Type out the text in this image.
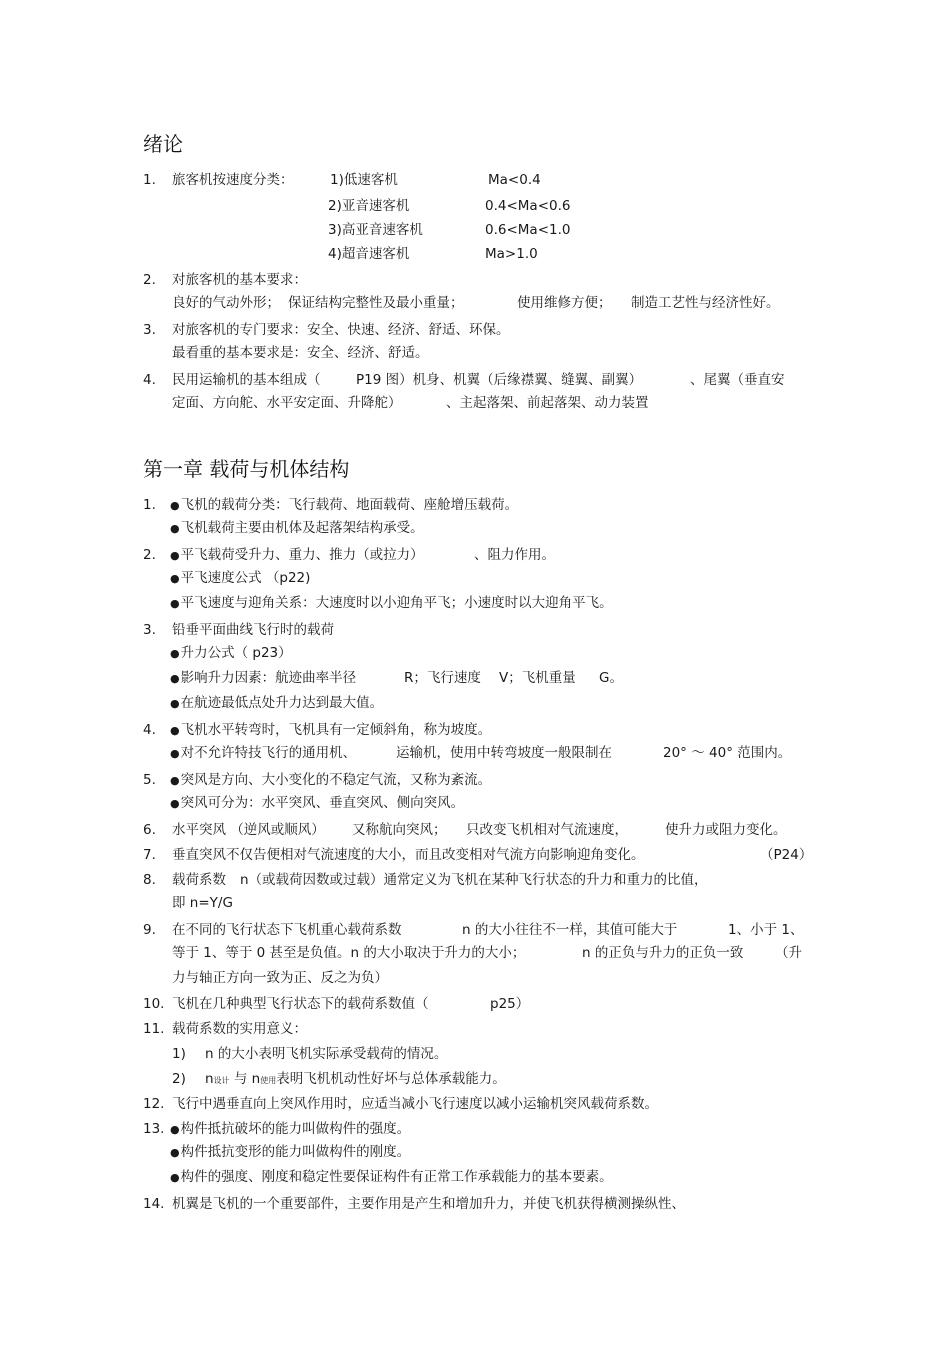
绪论
1. 旅客机按速度分类：	1)低速客机	Ma<0.4
2)亚音速客机	0.4<Ma<0.6
3)高亚音速客机	0.6<Ma<1.0
4)超音速客机	Ma>1.0
2. 对旅客机的基本要求：
良好的气动外形； 保证结构完整性及最小重量；	使用维修方便； 制造工艺性与经济性好。
3. 对旅客机的专门要求：安全、快速、经济、舒适、环保。
最看重的基本要求是：安全、经济、舒适。
4. 民用运输机的基本组成（	P19 图）机身、机翼（后缘襟翼、缝翼、副翼）	、尾翼（垂直安
定面、方向舵、水平安定面、升降舵）	、主起落架、前起落架、动力装置
第一章 载荷与机体结构
1.	● 飞机的载荷分类：飞行载荷、地面载荷、座舱增压载荷。
● 飞机载荷主要由机体及起落架结构承受。
2.	● 平飞载荷受升力、重力、推力（或拉力）	、阻力作用。
● 平飞速度公式 （p22)
● 平飞速度与迎角关系：大速度时以小迎角平飞；小速度时以大迎角平飞。
3. 铅垂平面曲线飞行时的载荷
● 升力公式（ p23）
● 影响升力因素：航迹曲率半径	R；飞行速度 V；飞机重量 G。
● 在航迹最低点处升力达到最大值。
4.	● 飞机水平转弯时，飞机具有一定倾斜角，称为坡度。
● 对不允许特技飞行的通用机、	运输机，使用中转弯坡度一般限制在	20° ～ 40° 范围内。
5.	● 突风是方向、大小变化的不稳定气流，又称为紊流。
● 突风可分为：水平突风、垂直突风、侧向突风。
6. 水平突风 （逆风或顺风） 又称航向突风； 只改变飞机相对气流速度，	使升力或阻力变化。
7. 垂直突风不仅告便相对气流速度的大小，而且改变相对气流方向影响迎角变化。	（P24）
8. 载荷系数 n（或载荷因数或过载）通常定义为飞机在某种飞行状态的升力和重力的比值，
即 n=Y/G
9. 在不同的飞行状态下飞机重心载荷系数	n 的大小往往不一样，其值可能大于	1、小于 1、
等于 1、等于 0 甚至是负值。n 的大小取决于升力的大小；	n 的正负与升力的正负一致 （升
力与轴正方向一致为正、反之为负）
10. 飞机在几种典型飞行状态下的载荷系数值（	p25）
11. 载荷系数的实用意义：
1) n 的大小表明飞机实际承受载荷的情况。
2) n设计 与 n使用表明飞机机动性好坏与总体承载能力。
12. 飞行中遇垂直向上突风作用时，应适当减小飞行速度以减小运输机突风载荷系数。
13.	● 构件抵抗破坏的能力叫做构件的强度。
● 构件抵抗变形的能力叫做构件的刚度。
● 构件的强度、刚度和稳定性要保证构件有正常工作承载能力的基本要素。
14. 机翼是飞机的一个重要部件，主要作用是产生和增加升力，并使飞机获得横测操纵性、
